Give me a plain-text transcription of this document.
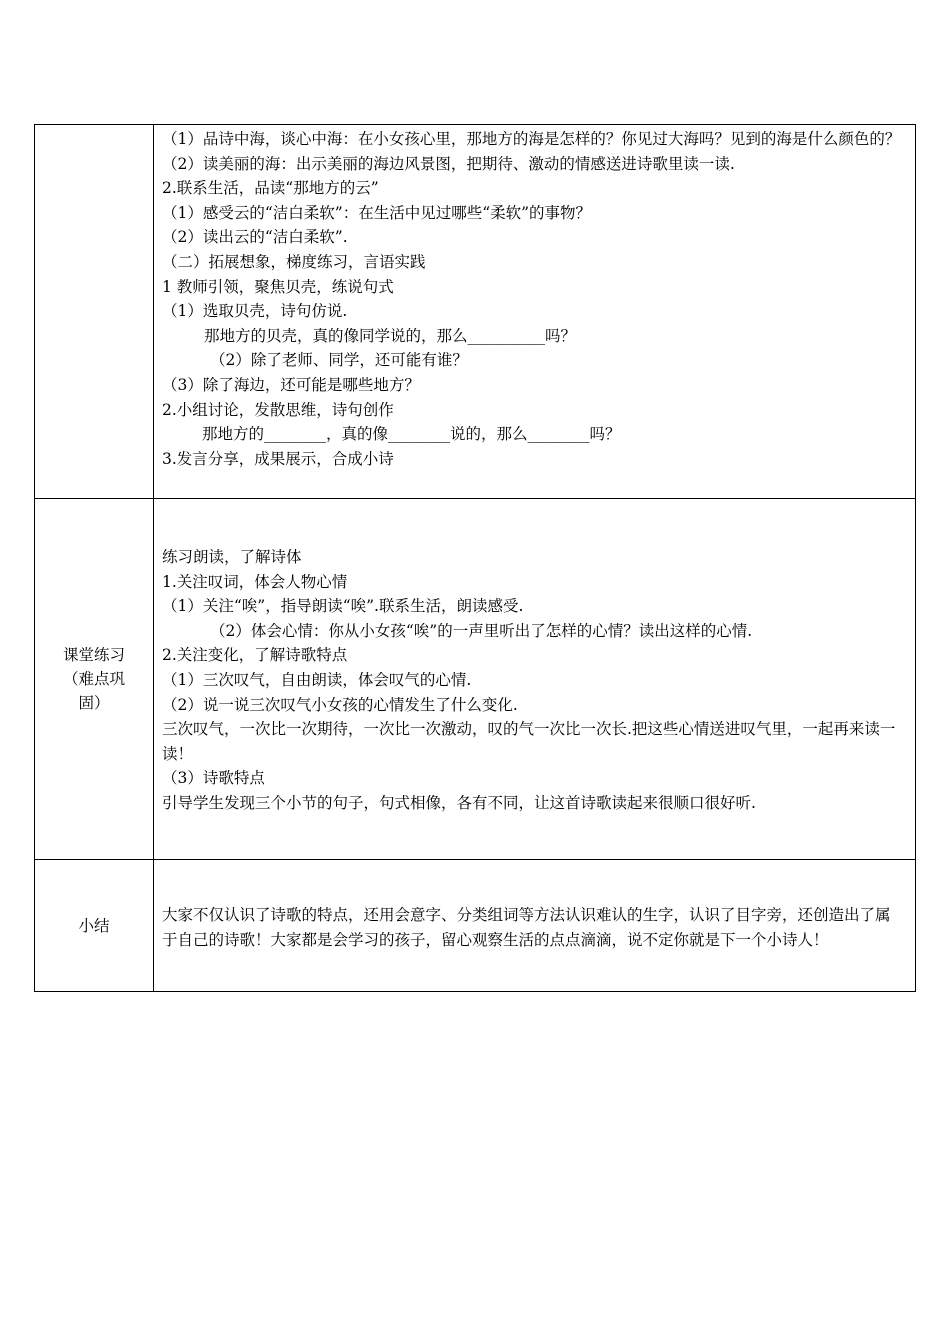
（1）品诗中海，谈心中海：在小女孩心里，那地方的海是怎样的？你见过大海吗？见到的海是什么颜色的？
（2）读美丽的海：出示美丽的海边风景图，把期待、激动的情感送进诗歌里读一读.
2.联系生活，品读“那地方的云”
（1）感受云的“洁白柔软”：在生活中见过哪些“柔软”的事物？
（2）读出云的“洁白柔软”.
（二）拓展想象，梯度练习，言语实践
1 教师引领，聚焦贝壳，练说句式
（1）选取贝壳，诗句仿说.
那地方的贝壳，真的像同学说的，那么__________吗？
（2）除了老师、同学，还可能有谁？
（3）除了海边，还可能是哪些地方？
2.小组讨论，发散思维，诗句创作
那地方的________，真的像________说的，那么________吗？
3.发言分享，成果展示，合成小诗
课堂练习
（难点巩
固）
练习朗读，了解诗体
1.关注叹词，体会人物心情
（1）关注“唉”，指导朗读“唉”.联系生活，朗读感受.
（2）体会心情：你从小女孩“唉”的一声里听出了怎样的心情？读出这样的心情.
2.关注变化，了解诗歌特点
（1）三次叹气，自由朗读，体会叹气的心情.
（2）说一说三次叹气小女孩的心情发生了什么变化.
三次叹气，一次比一次期待，一次比一次激动，叹的气一次比一次长.把这些心情送进叹气里，一起再来读一读！
（3）诗歌特点
引导学生发现三个小节的句子，句式相像，各有不同，让这首诗歌读起来很顺口很好听.
小结
大家不仅认识了诗歌的特点，还用会意字、分类组词等方法认识难认的生字，认识了目字旁，还创造出了属于自己的诗歌！大家都是会学习的孩子，留心观察生活的点点滴滴，说不定你就是下一个小诗人！
